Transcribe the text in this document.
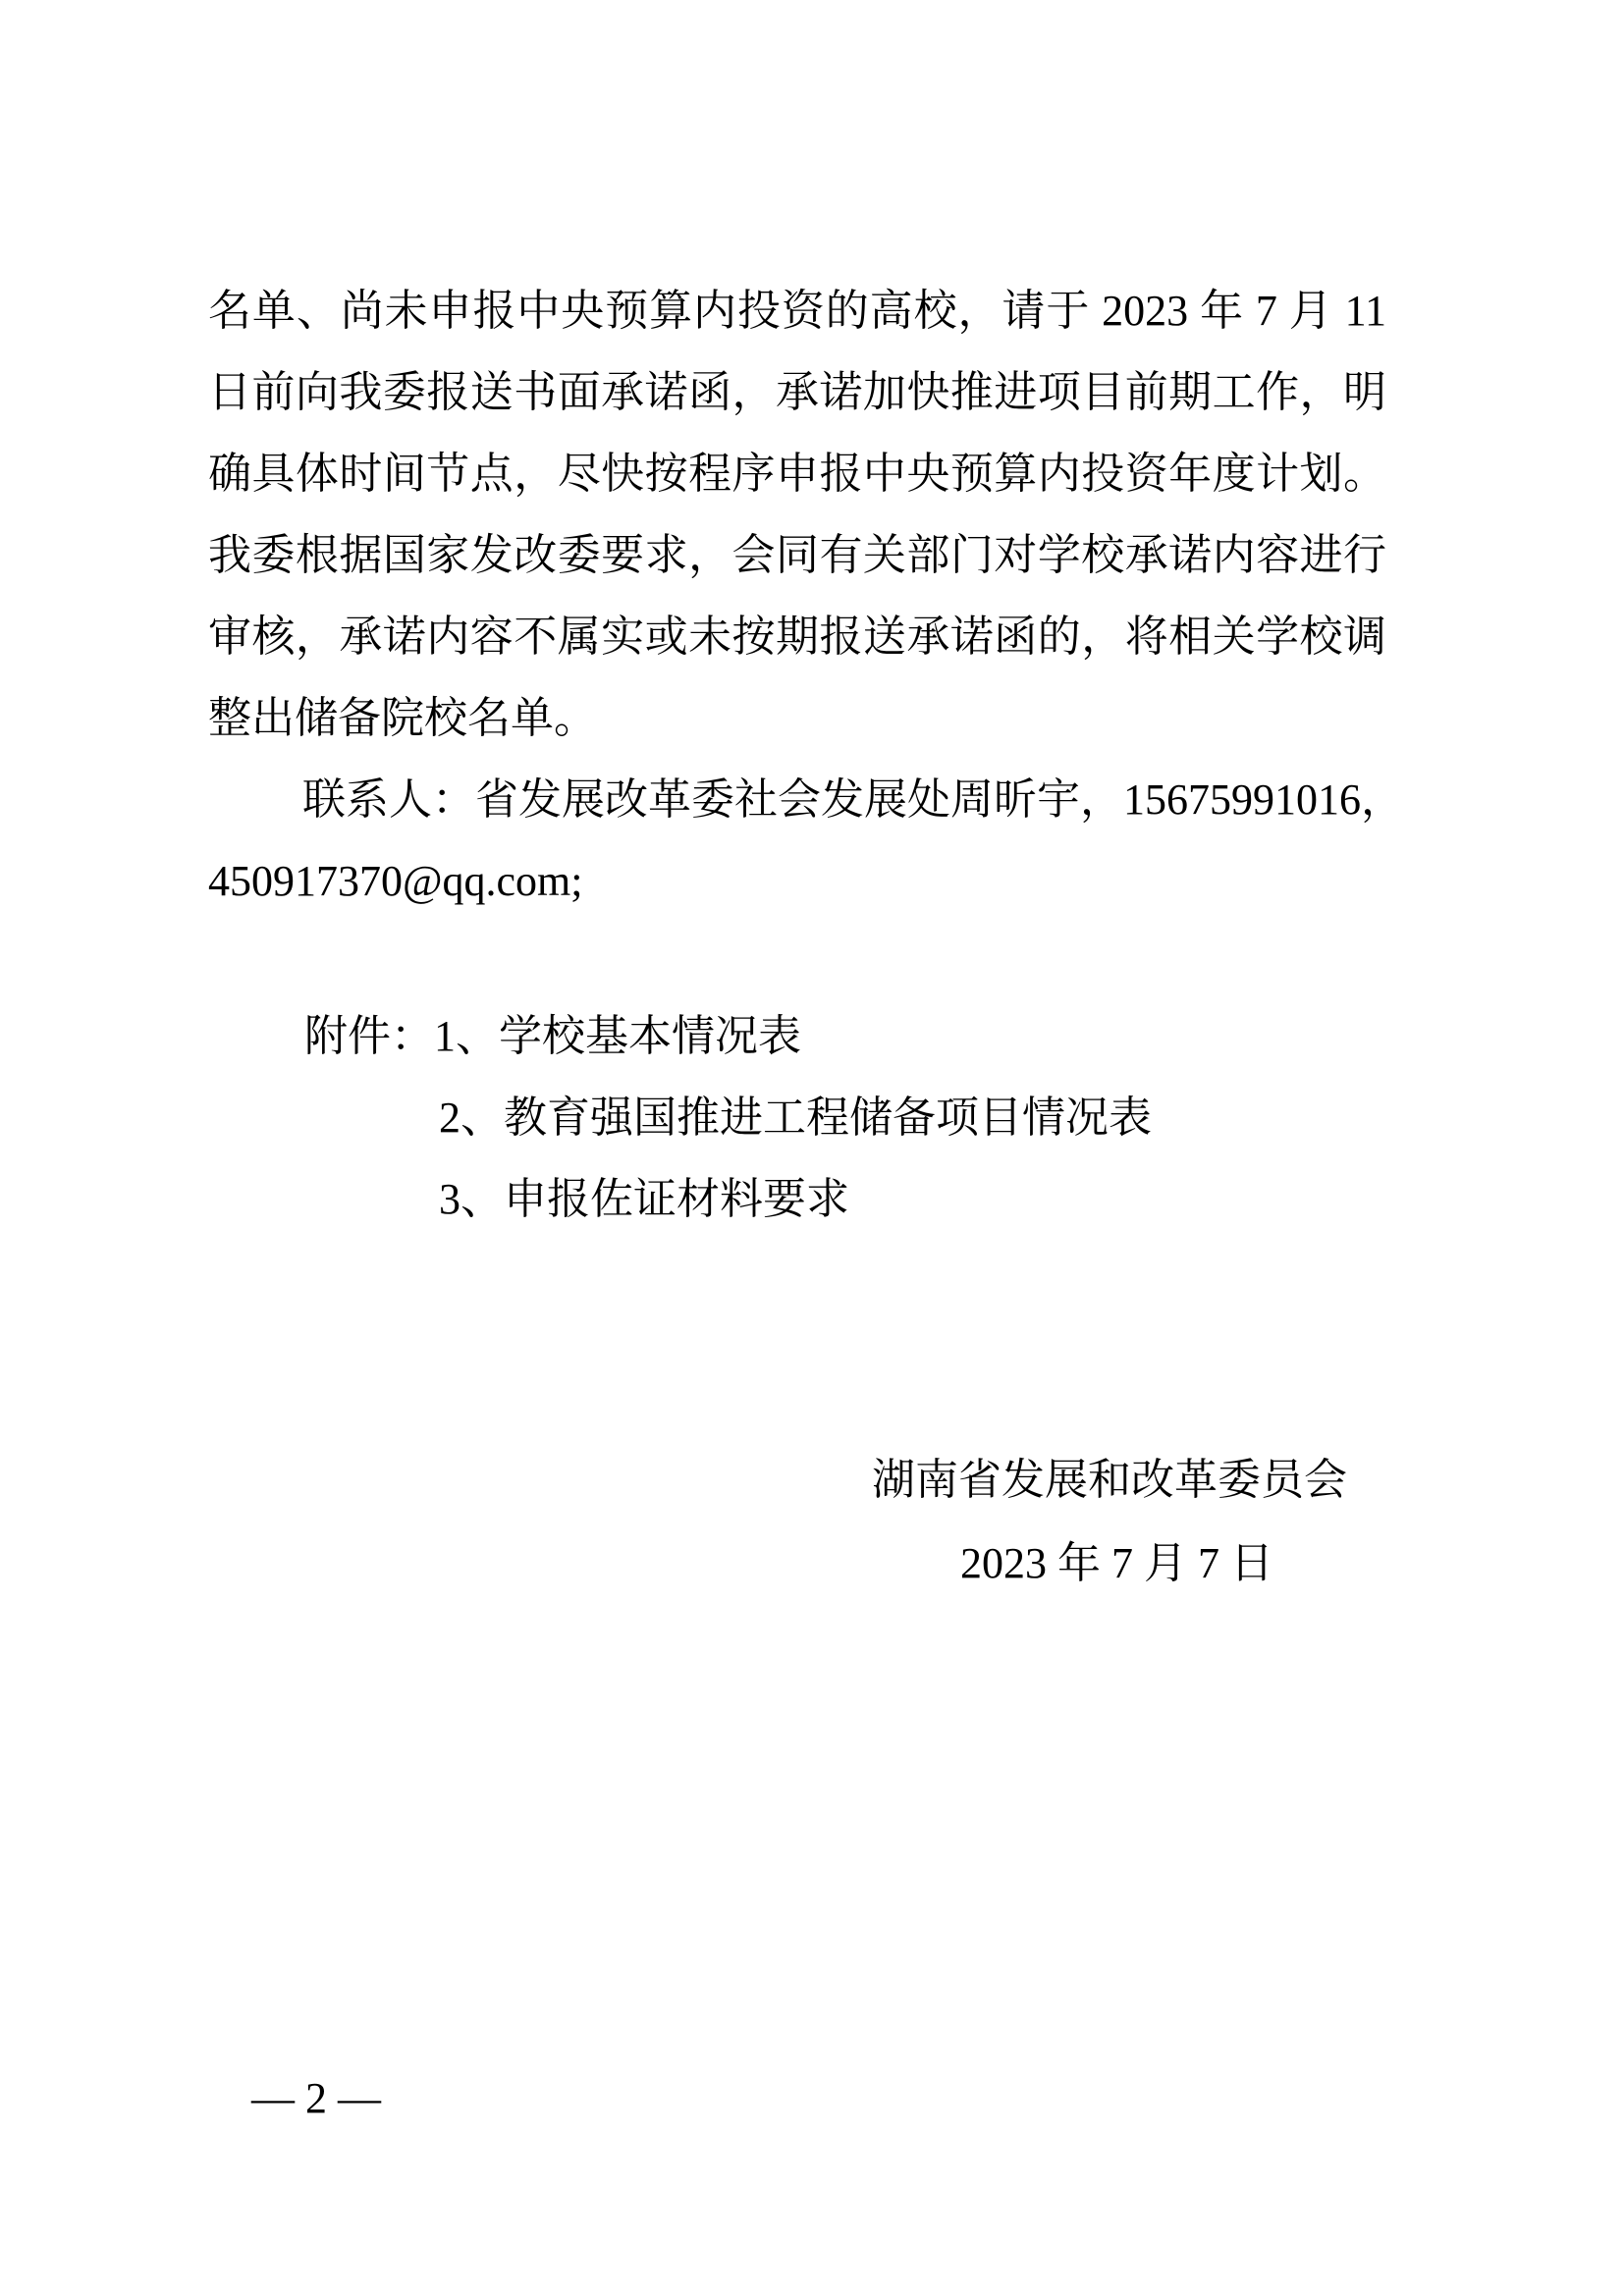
名单、尚未申报中央预算内投资的高校，请于 2023 年 7 月 11
日前向我委报送书面承诺函，承诺加快推进项目前期工作，明
确具体时间节点，尽快按程序申报中央预算内投资年度计划。
我委根据国家发改委要求，会同有关部门对学校承诺内容进行
审核，承诺内容不属实或未按期报送承诺函的，将相关学校调
整出储备院校名单。
联系人：省发展改革委社会发展处周昕宇，15675991016，
450917370@qq.com;
附件：1、学校基本情况表
2、教育强国推进工程储备项目情况表
3、申报佐证材料要求
湖南省发展和改革委员会
2023 年 7 月 7 日
— 2 —
